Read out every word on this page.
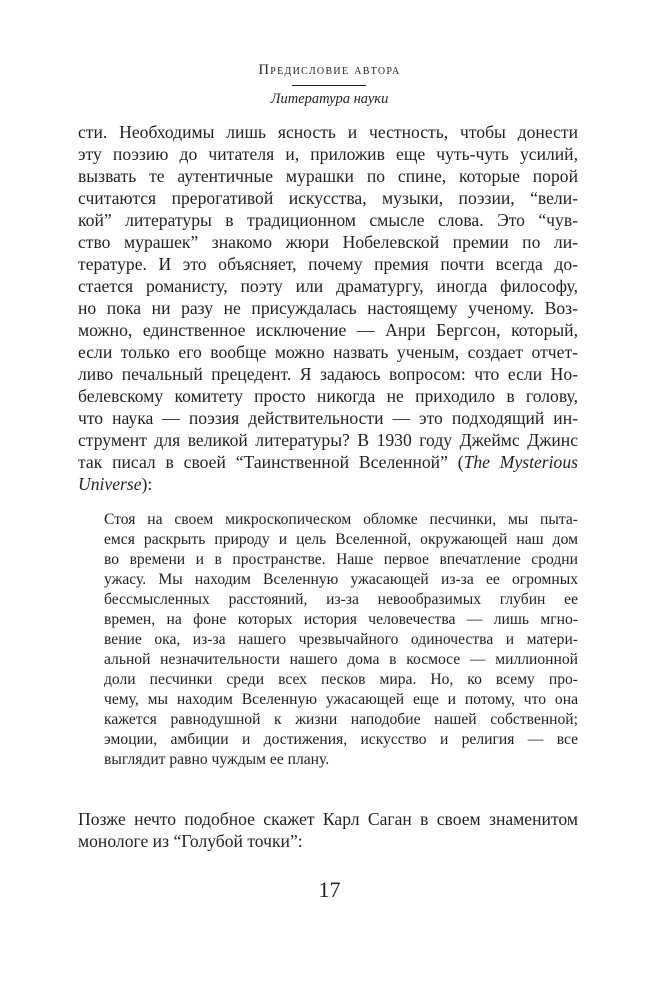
Предисловие автора
Литература науки
сти. Необходимы лишь ясность и честность, чтобы донести
эту поэзию до читателя и, приложив еще чуть-чуть усилий,
вызвать те аутентичные мурашки по спине, которые порой
считаются прерогативой искусства, музыки, поэзии, “вели-
кой” литературы в традиционном смысле слова. Это “чув-
ство мурашек” знакомо жюри Нобелевской премии по ли-
тературе. И это объясняет, почему премия почти всегда до-
стается романисту, поэту или драматургу, иногда философу,
но пока ни разу не присуждалась настоящему ученому. Воз-
можно, единственное исключение — Анри Бергсон, который,
если только его вообще можно назвать ученым, создает отчет-
ливо печальный прецедент. Я задаюсь вопросом: что если Но-
белевскому комитету просто никогда не приходило в голову,
что наука — поэзия действительности — это подходящий ин-
струмент для великой литературы? В 1930 году Джеймс Джинс
так писал в своей “Таинственной Вселенной” (The Mysterious
Universe):
Стоя на своем микроскопическом обломке песчинки, мы пыта-
емся раскрыть природу и цель Вселенной, окружающей наш дом
во времени и в пространстве. Наше первое впечатление сродни
ужасу. Мы находим Вселенную ужасающей из-за ее огромных
бессмысленных расстояний, из-за невообразимых глубин ее
времен, на фоне которых история человечества — лишь мгно-
вение ока, из-за нашего чрезвычайного одиночества и матери-
альной незначительности нашего дома в космосе — миллионной
доли песчинки среди всех песков мира. Но, ко всему про-
чему, мы находим Вселенную ужасающей еще и потому, что она
кажется равнодушной к жизни наподобие нашей собственной;
эмоции, амбиции и достижения, искусство и религия — все
выглядит равно чуждым ее плану.
Позже нечто подобное скажет Карл Саган в своем знаменитом
монологе из “Голубой точки”:
17
